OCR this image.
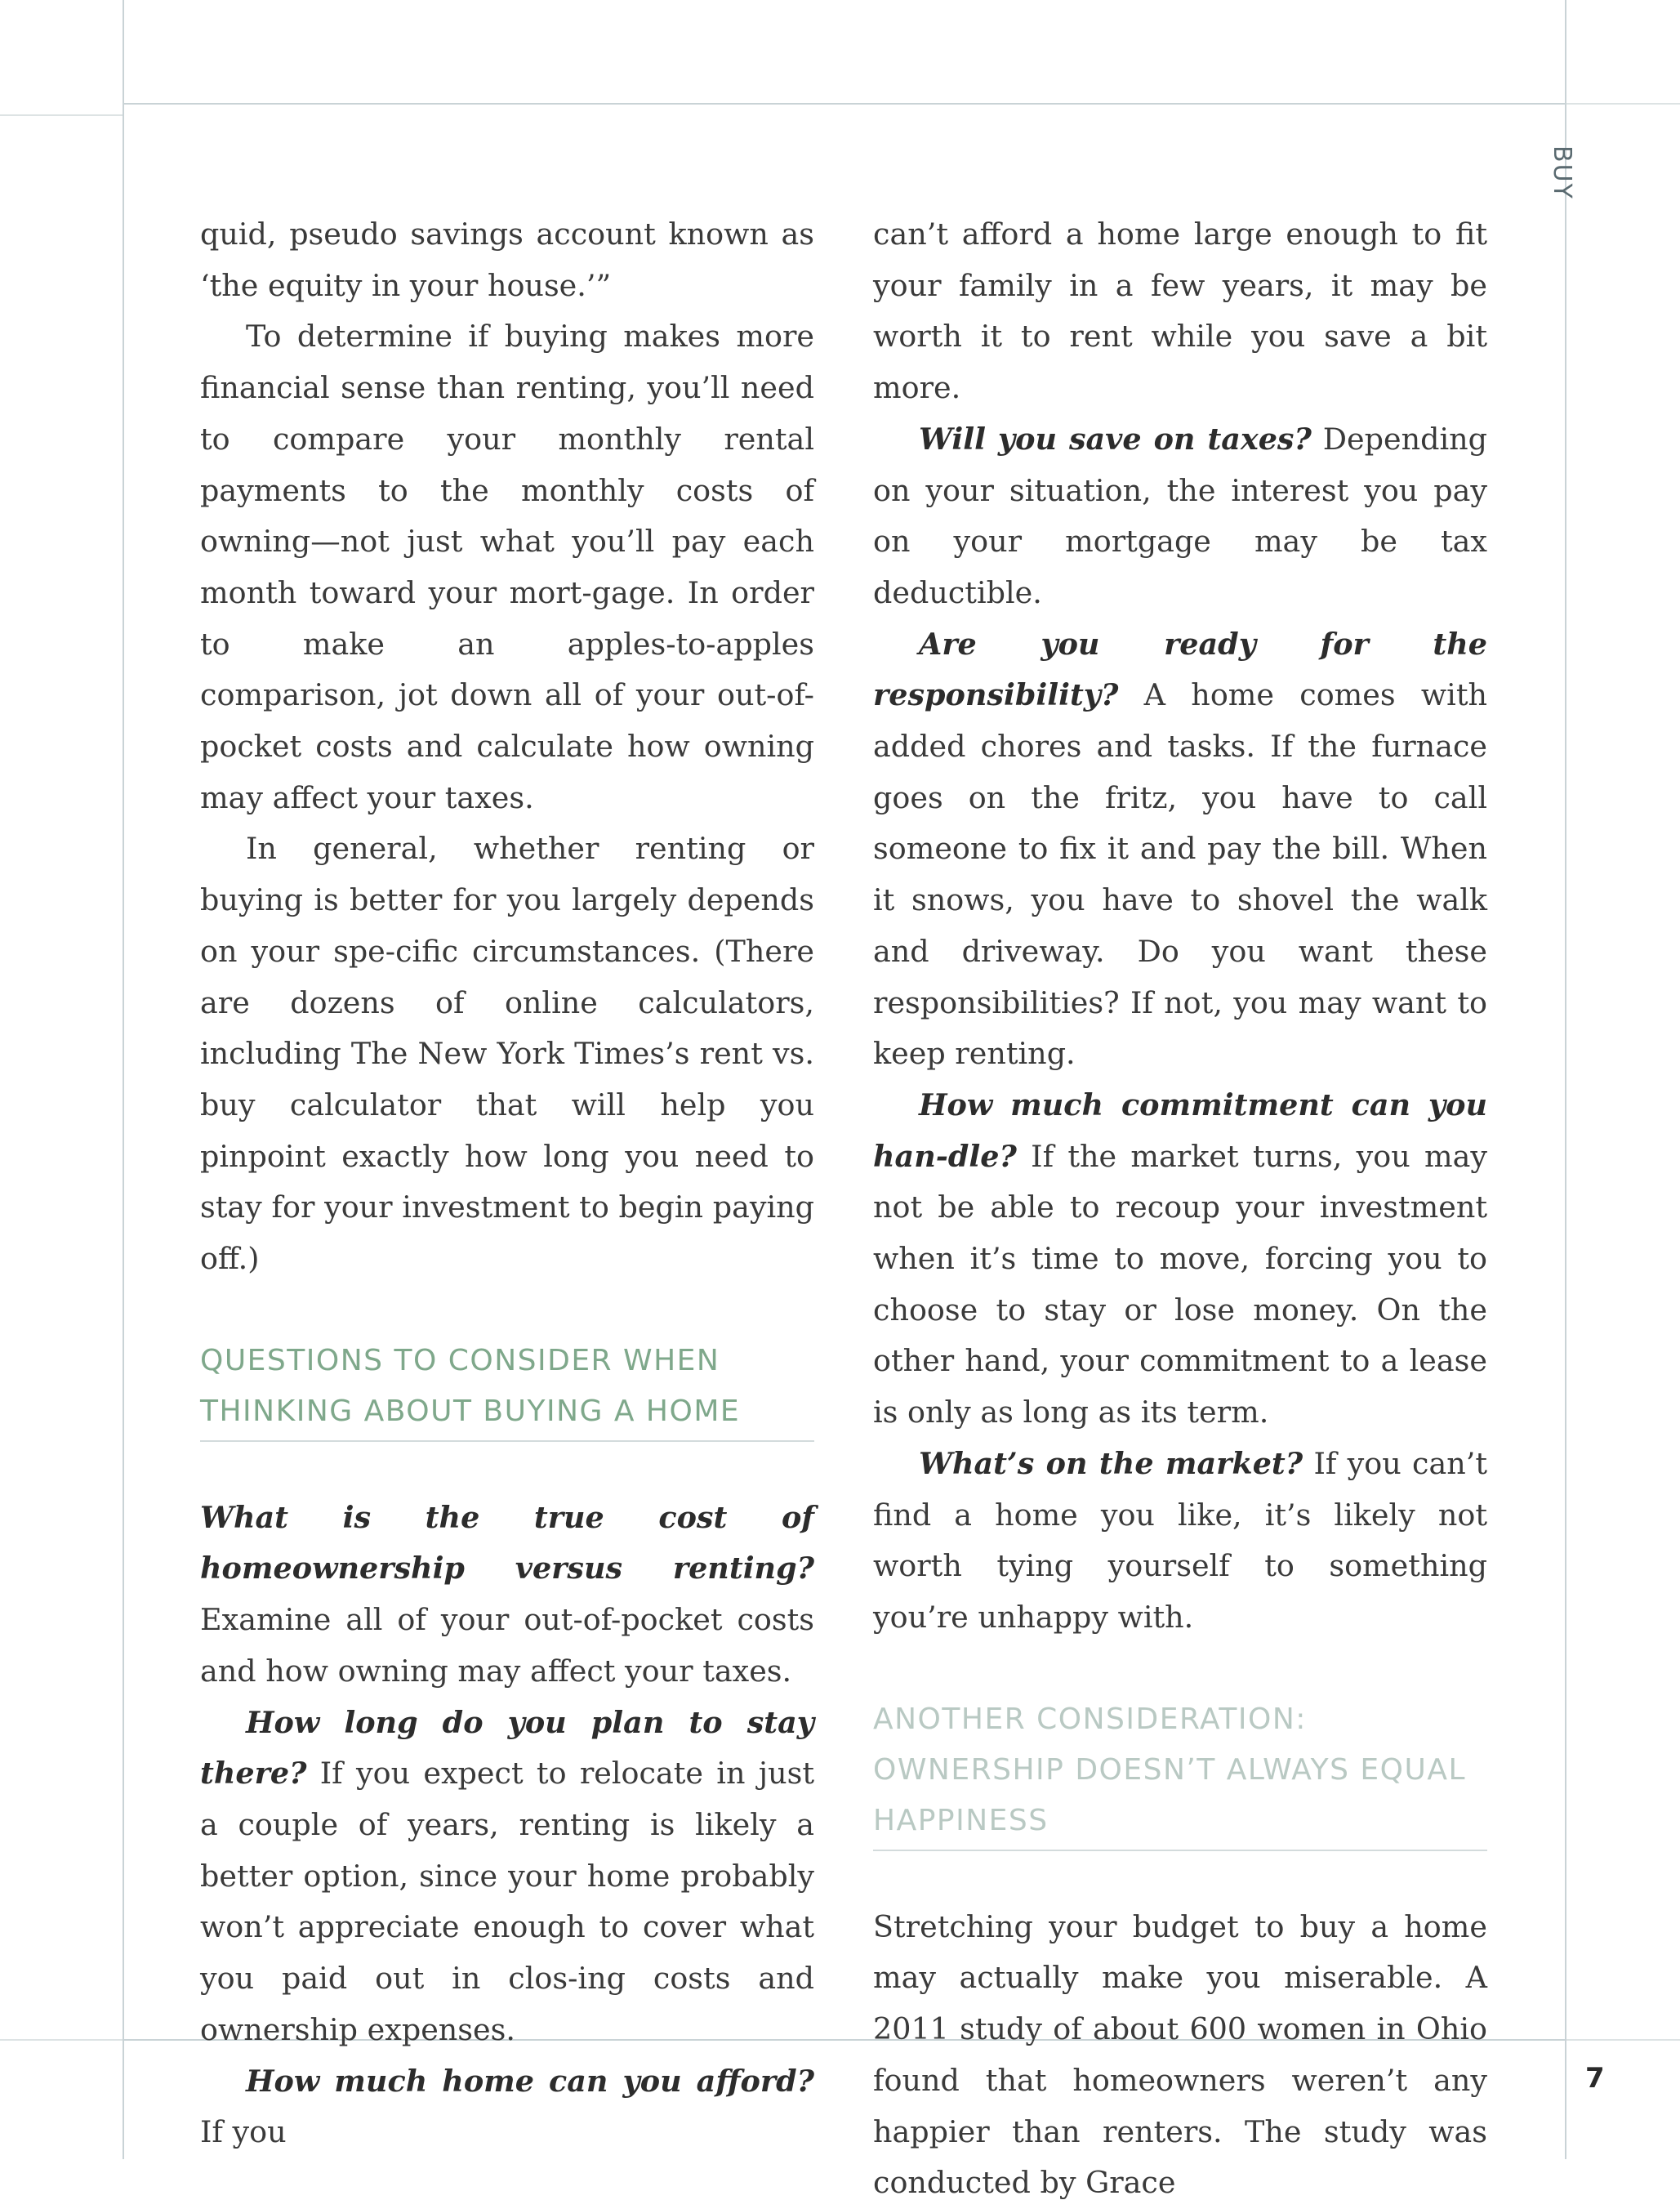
BUY
7

quid, pseudo savings account known as ‘the equity in your house.’”

To determine if buying makes more financial sense than renting, you’ll need to compare your monthly rental payments to the monthly costs of owning—not just what you’ll pay each month toward your mort-gage. In order to make an apples-to-apples comparison, jot down all of your out-of-pocket costs and calculate how owning may affect your taxes.

In general, whether renting or buying is better for you largely depends on your spe-cific circumstances. (There are dozens of online calculators, including The New York Times’s rent vs. buy calculator that will help you pinpoint exactly how long you need to stay for your investment to begin paying off.)

QUESTIONS TO CONSIDER WHEN THINKING ABOUT BUYING A HOME

What is the true cost of homeownership versus renting? Examine all of your out-of-pocket costs and how owning may affect your taxes.

How long do you plan to stay there? If you expect to relocate in just a couple of years, renting is likely a better option, since your home probably won’t appreciate enough to cover what you paid out in clos-ing costs and ownership expenses.

How much home can you afford? If you

can’t afford a home large enough to fit your family in a few years, it may be worth it to rent while you save a bit more.

Will you save on taxes? Depending on your situation, the interest you pay on your mortgage may be tax deductible.

Are you ready for the responsibility? A home comes with added chores and tasks. If the furnace goes on the fritz, you have to call someone to fix it and pay the bill. When it snows, you have to shovel the walk and driveway. Do you want these responsibilities? If not, you may want to keep renting.

How much commitment can you han-dle? If the market turns, you may not be able to recoup your investment when it’s time to move, forcing you to choose to stay or lose money. On the other hand, your commitment to a lease is only as long as its term.

What’s on the market? If you can’t find a home you like, it’s likely not worth tying yourself to something you’re unhappy with.

ANOTHER CONSIDERATION: OWNERSHIP DOESN’T ALWAYS EQUAL HAPPINESS

Stretching your budget to buy a home may actually make you miserable. A 2011 study of about 600 women in Ohio found that homeowners weren’t any happier than renters. The study was conducted by Grace
